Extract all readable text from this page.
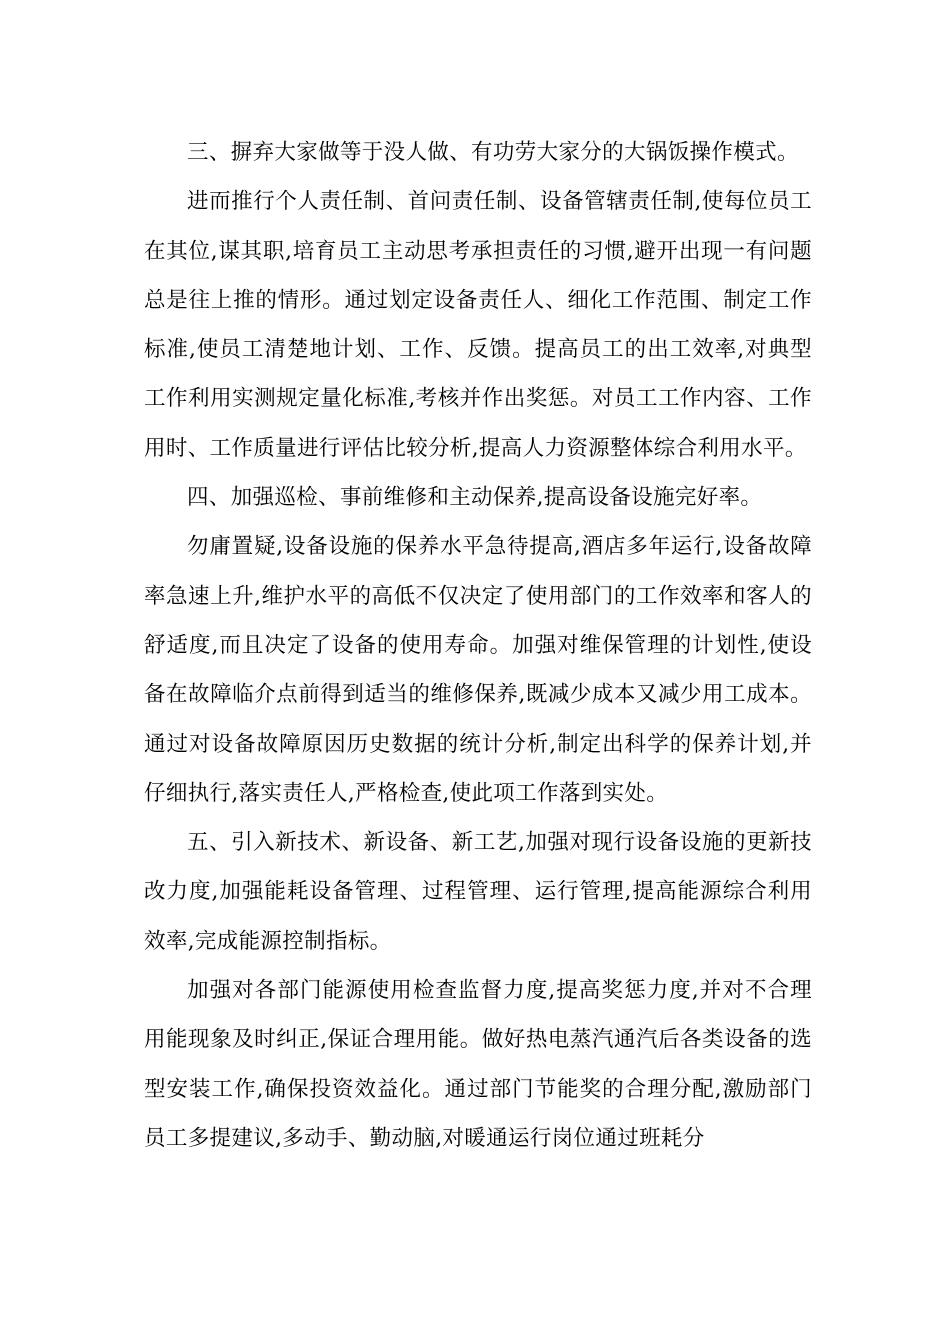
三、摒弃大家做等于没人做、有功劳大家分的大锅饭操作模式。

进而推行个人责任制、首问责任制、设备管辖责任制,使每位员工在其位,谋其职,培育员工主动思考承担责任的习惯,避开出现一有问题总是往上推的情形。通过划定设备责任人、细化工作范围、制定工作标准,使员工清楚地计划、工作、反馈。提高员工的出工效率,对典型工作利用实测规定量化标准,考核并作出奖惩。对员工工作内容、工作用时、工作质量进行评估比较分析,提高人力资源整体综合利用水平。

四、加强巡检、事前维修和主动保养,提高设备设施完好率。

勿庸置疑,设备设施的保养水平急待提高,酒店多年运行,设备故障率急速上升,维护水平的高低不仅决定了使用部门的工作效率和客人的舒适度,而且决定了设备的使用寿命。加强对维保管理的计划性,使设备在故障临介点前得到适当的维修保养,既减少成本又减少用工成本。通过对设备故障原因历史数据的统计分析,制定出科学的保养计划,并仔细执行,落实责任人,严格检查,使此项工作落到实处。

五、引入新技术、新设备、新工艺,加强对现行设备设施的更新技改力度,加强能耗设备管理、过程管理、运行管理,提高能源综合利用效率,完成能源控制指标。

加强对各部门能源使用检查监督力度,提高奖惩力度,并对不合理用能现象及时纠正,保证合理用能。做好热电蒸汽通汽后各类设备的选型安装工作,确保投资效益化。通过部门节能奖的合理分配,激励部门员工多提建议,多动手、勤动脑,对暖通运行岗位通过班耗分
